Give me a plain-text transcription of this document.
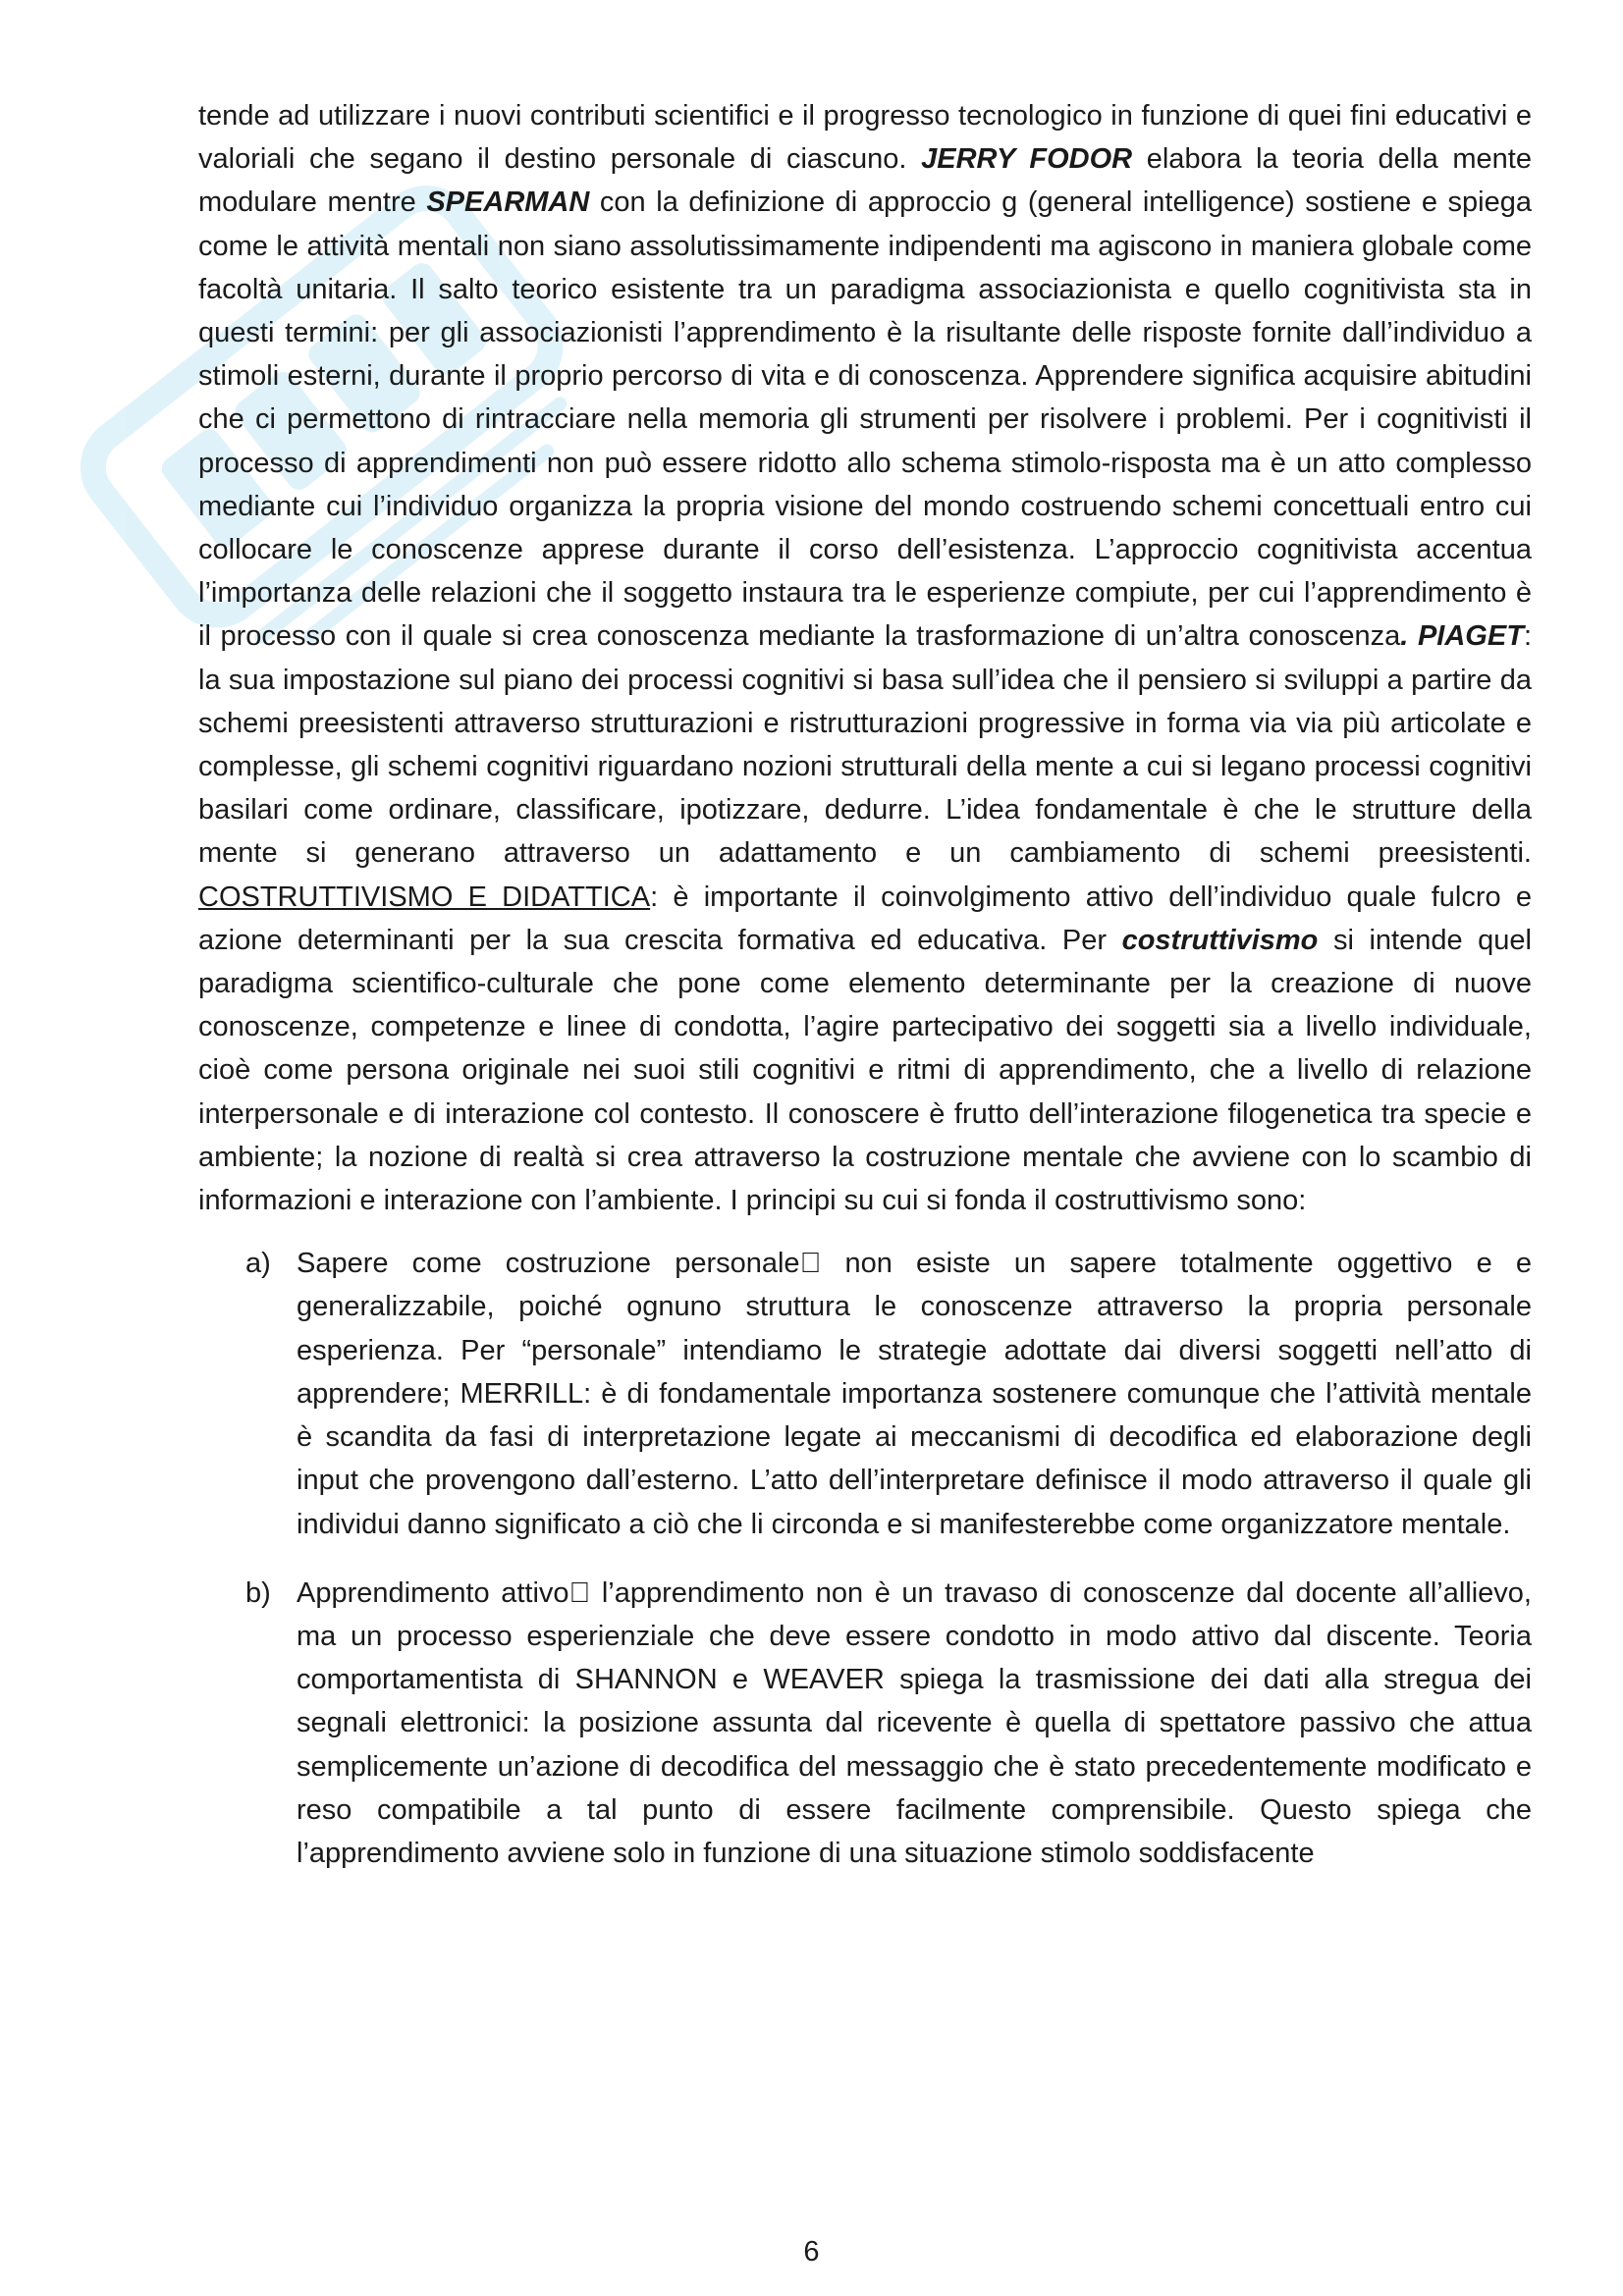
tende ad utilizzare i nuovi contributi scientifici e il progresso tecnologico in funzione di quei fini educativi e valoriali che segano il destino personale di ciascuno. JERRY FODOR elabora la teoria della mente modulare mentre SPEARMAN con la definizione di approccio g (general intelligence) sostiene e spiega come le attività mentali non siano assolutissimamente indipendenti ma agiscono in maniera globale come facoltà unitaria. Il salto teorico esistente tra un paradigma associazionista e quello cognitivista sta in questi termini: per gli associazionisti l’apprendimento è la risultante delle risposte fornite dall’individuo a stimoli esterni, durante il proprio percorso di vita e di conoscenza. Apprendere significa acquisire abitudini che ci permettono di rintracciare nella memoria gli strumenti per risolvere i problemi. Per i cognitivisti il processo di apprendimenti non può essere ridotto allo schema stimolo-risposta ma è un atto complesso mediante cui l’individuo organizza la propria visione del mondo costruendo schemi concettuali entro cui collocare le conoscenze apprese durante il corso dell’esistenza. L’approccio cognitivista accentua l’importanza delle relazioni che il soggetto instaura tra le esperienze compiute, per cui l’apprendimento è il processo con il quale si crea conoscenza mediante la trasformazione di un’altra conoscenza. PIAGET: la sua impostazione sul piano dei processi cognitivi si basa sull’idea che il pensiero si sviluppi a partire da schemi preesistenti attraverso strutturazioni e ristrutturazioni progressive in forma via via più articolate e complesse, gli schemi cognitivi riguardano nozioni strutturali della mente a cui si legano processi cognitivi basilari come ordinare, classificare, ipotizzare, dedurre. L’idea fondamentale è che le strutture della mente si generano attraverso un adattamento e un cambiamento di schemi preesistenti. COSTRUTTIVISMO E DIDATTICA: è importante il coinvolgimento attivo dell’individuo quale fulcro e azione determinanti per la sua crescita formativa ed educativa. Per costruttivismo si intende quel paradigma scientifico-culturale che pone come elemento determinante per la creazione di nuove conoscenze, competenze e linee di condotta, l’agire partecipativo dei soggetti sia a livello individuale, cioè come persona originale nei suoi stili cognitivi e ritmi di apprendimento, che a livello di relazione interpersonale e di interazione col contesto. Il conoscere è frutto dell’interazione filogenetica tra specie e ambiente; la nozione di realtà si crea attraverso la costruzione mentale che avviene con lo scambio di informazioni e interazione con l’ambiente. I principi su cui si fonda il costruttivismo sono:

a) Sapere come costruzione personale non esiste un sapere totalmente oggettivo e e generalizzabile, poiché ognuno struttura le conoscenze attraverso la propria personale esperienza. Per “personale” intendiamo le strategie adottate dai diversi soggetti nell’atto di apprendere; MERRILL: è di fondamentale importanza sostenere comunque che l’attività mentale è scandita da fasi di interpretazione legate ai meccanismi di decodifica ed elaborazione degli input che provengono dall’esterno. L’atto dell’interpretare definisce il modo attraverso il quale gli individui danno significato a ciò che li circonda e si manifesterebbe come organizzatore mentale.

b) Apprendimento attivo l’apprendimento non è un travaso di conoscenze dal docente all’allievo, ma un processo esperienziale che deve essere condotto in modo attivo dal discente. Teoria comportamentista di SHANNON e WEAVER spiega la trasmissione dei dati alla stregua dei segnali elettronici: la posizione assunta dal ricevente è quella di spettatore passivo che attua semplicemente un’azione di decodifica del messaggio che è stato precedentemente modificato e reso compatibile a tal punto di essere facilmente comprensibile. Questo spiega che l’apprendimento avviene solo in funzione di una situazione stimolo soddisfacente

6
